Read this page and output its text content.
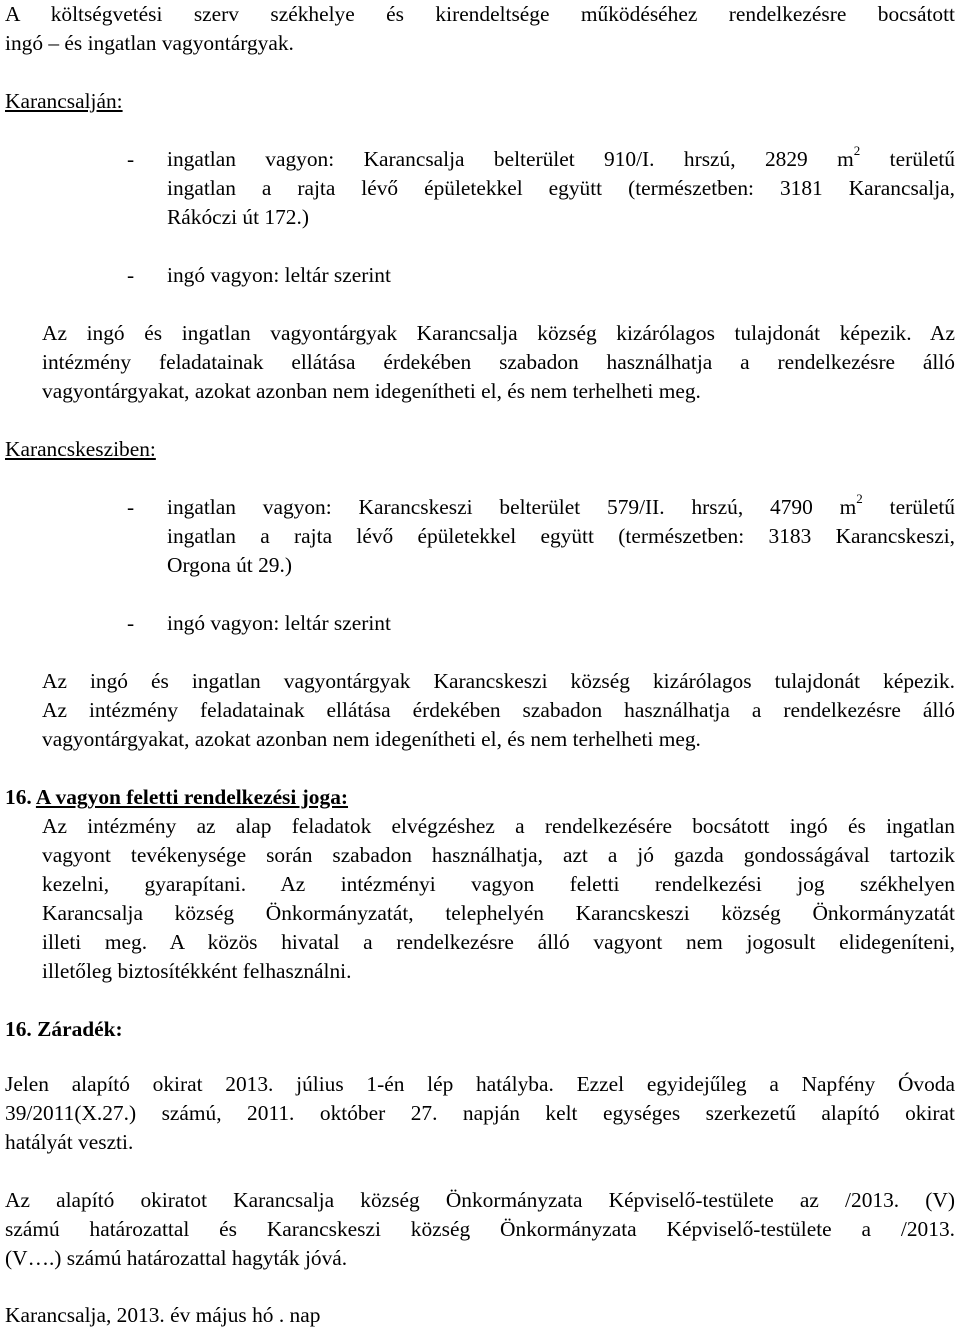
A költségvetési szerv székhelye és kirendeltsége működéséhez rendelkezésre bocsátott

ingó – és ingatlan vagyontárgyak.

Karancsalján:

-	ingatlan vagyon: Karancsalja belterület 910/I. hrszú, 2829 $m^2$ területű

ingatlan a rajta lévő épületekkel együtt (természetben: 3181 Karancsalja,

Rákóczi út 172.)

-	ingó vagyon: leltár szerint

Az ingó és ingatlan vagyontárgyak Karancsalja község kizárólagos tulajdonát képezik. Az

intézmény feladatainak ellátása érdekében szabadon használhatja a rendelkezésre álló

vagyontárgyakat, azokat azonban nem idegenítheti el, és nem terhelheti meg.

Karancskesziben:

-	ingatlan vagyon: Karancskeszi belterület 579/II. hrszú, 4790 $m^2$ területű

ingatlan a rajta lévő épületekkel együtt (természetben: 3183 Karancskeszi,

Orgona út 29.)

-	ingó vagyon: leltár szerint

Az ingó és ingatlan vagyontárgyak Karancskeszi község kizárólagos tulajdonát képezik.

Az intézmény feladatainak ellátása érdekében szabadon használhatja a rendelkezésre álló

vagyontárgyakat, azokat azonban nem idegenítheti el, és nem terhelheti meg.

16. A vagyon feletti rendelkezési joga:

Az intézmény az alap feladatok elvégzéshez a rendelkezésére bocsátott ingó és ingatlan

vagyont tevékenysége során szabadon használhatja, azt a jó gazda gondosságával tartozik

kezelni, gyarapítani. Az intézményi vagyon feletti rendelkezési jog székhelyen

Karancsalja község Önkormányzatát, telephelyén Karancskeszi község Önkormányzatát

illeti meg. A közös hivatal a rendelkezésre álló vagyont nem jogosult elidegeníteni,

illetőleg biztosítékként felhasználni.

16. Záradék:

Jelen alapító okirat 2013. július 1-én lép hatályba. Ezzel egyidejűleg a Napfény Óvoda

39/2011(X.27.) számú, 2011. október 27. napján kelt egységes szerkezetű alapító okirat

hatályát veszti.

Az alapító okiratot Karancsalja község Önkormányzata Képviselő-testülete az /2013. (V)

számú határozattal és Karancskeszi község Önkormányzata Képviselő-testülete a /2013.

(V….) számú határozattal hagyták jóvá.

Karancsalja, 2013. év május hó . nap
